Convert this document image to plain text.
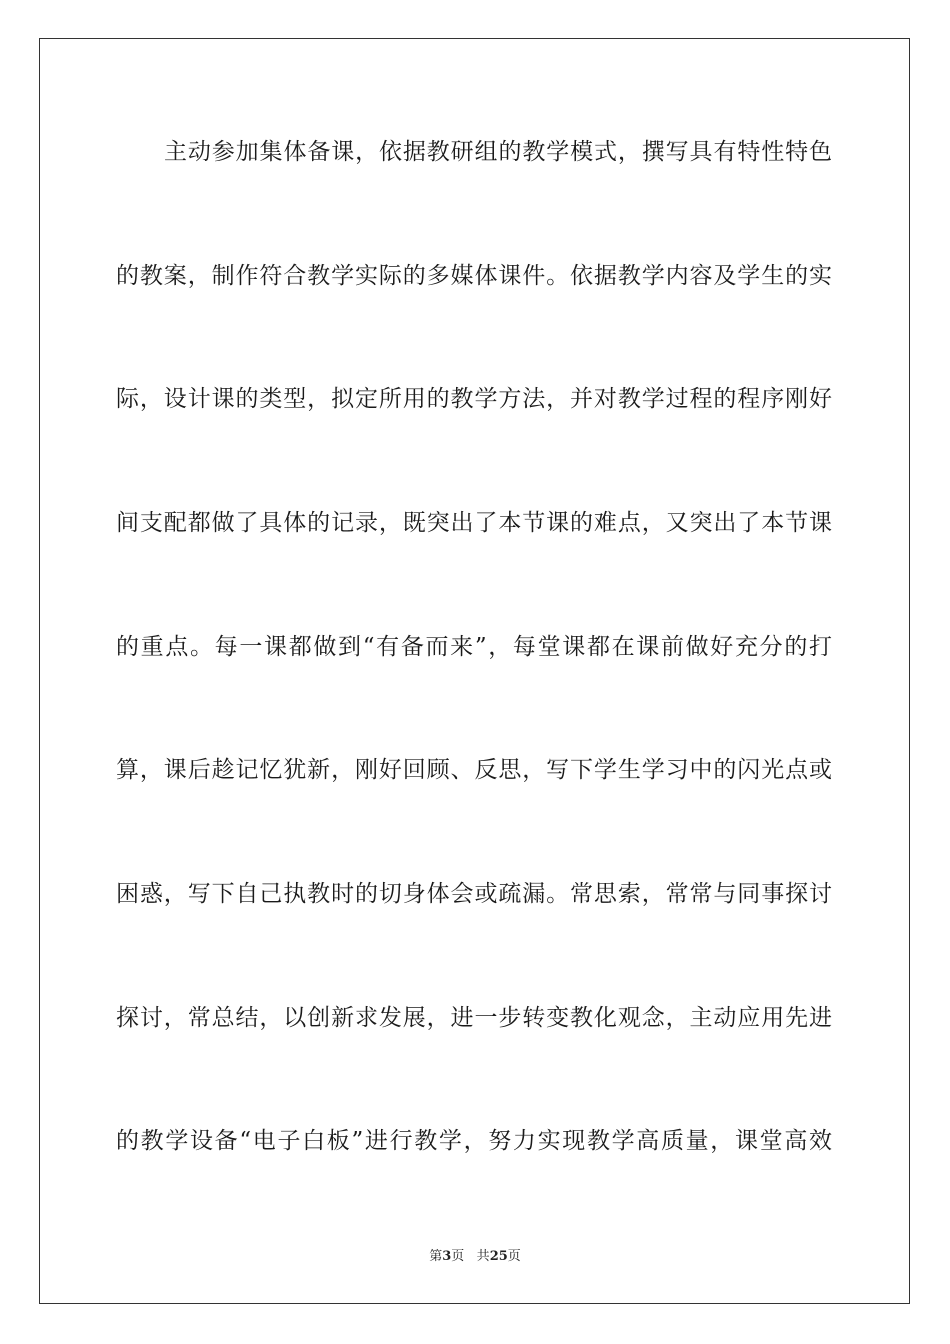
主动参加集体备课，依据教研组的教学模式，撰写具有特性特色
的教案，制作符合教学实际的多媒体课件。依据教学内容及学生的实
际，设计课的类型，拟定所用的教学方法，并对教学过程的程序刚好
间支配都做了具体的记录，既突出了本节课的难点，又突出了本节课
的重点。每一课都做到“有备而来”，每堂课都在课前做好充分的打
算，课后趁记忆犹新，刚好回顾、反思，写下学生学习中的闪光点或
困惑，写下自己执教时的切身体会或疏漏。常思索，常常与同事探讨
探讨，常总结，以创新求发展，进一步转变教化观念，主动应用先进
的教学设备“电子白板”进行教学，努力实现教学高质量，课堂高效
第3页 共25页
